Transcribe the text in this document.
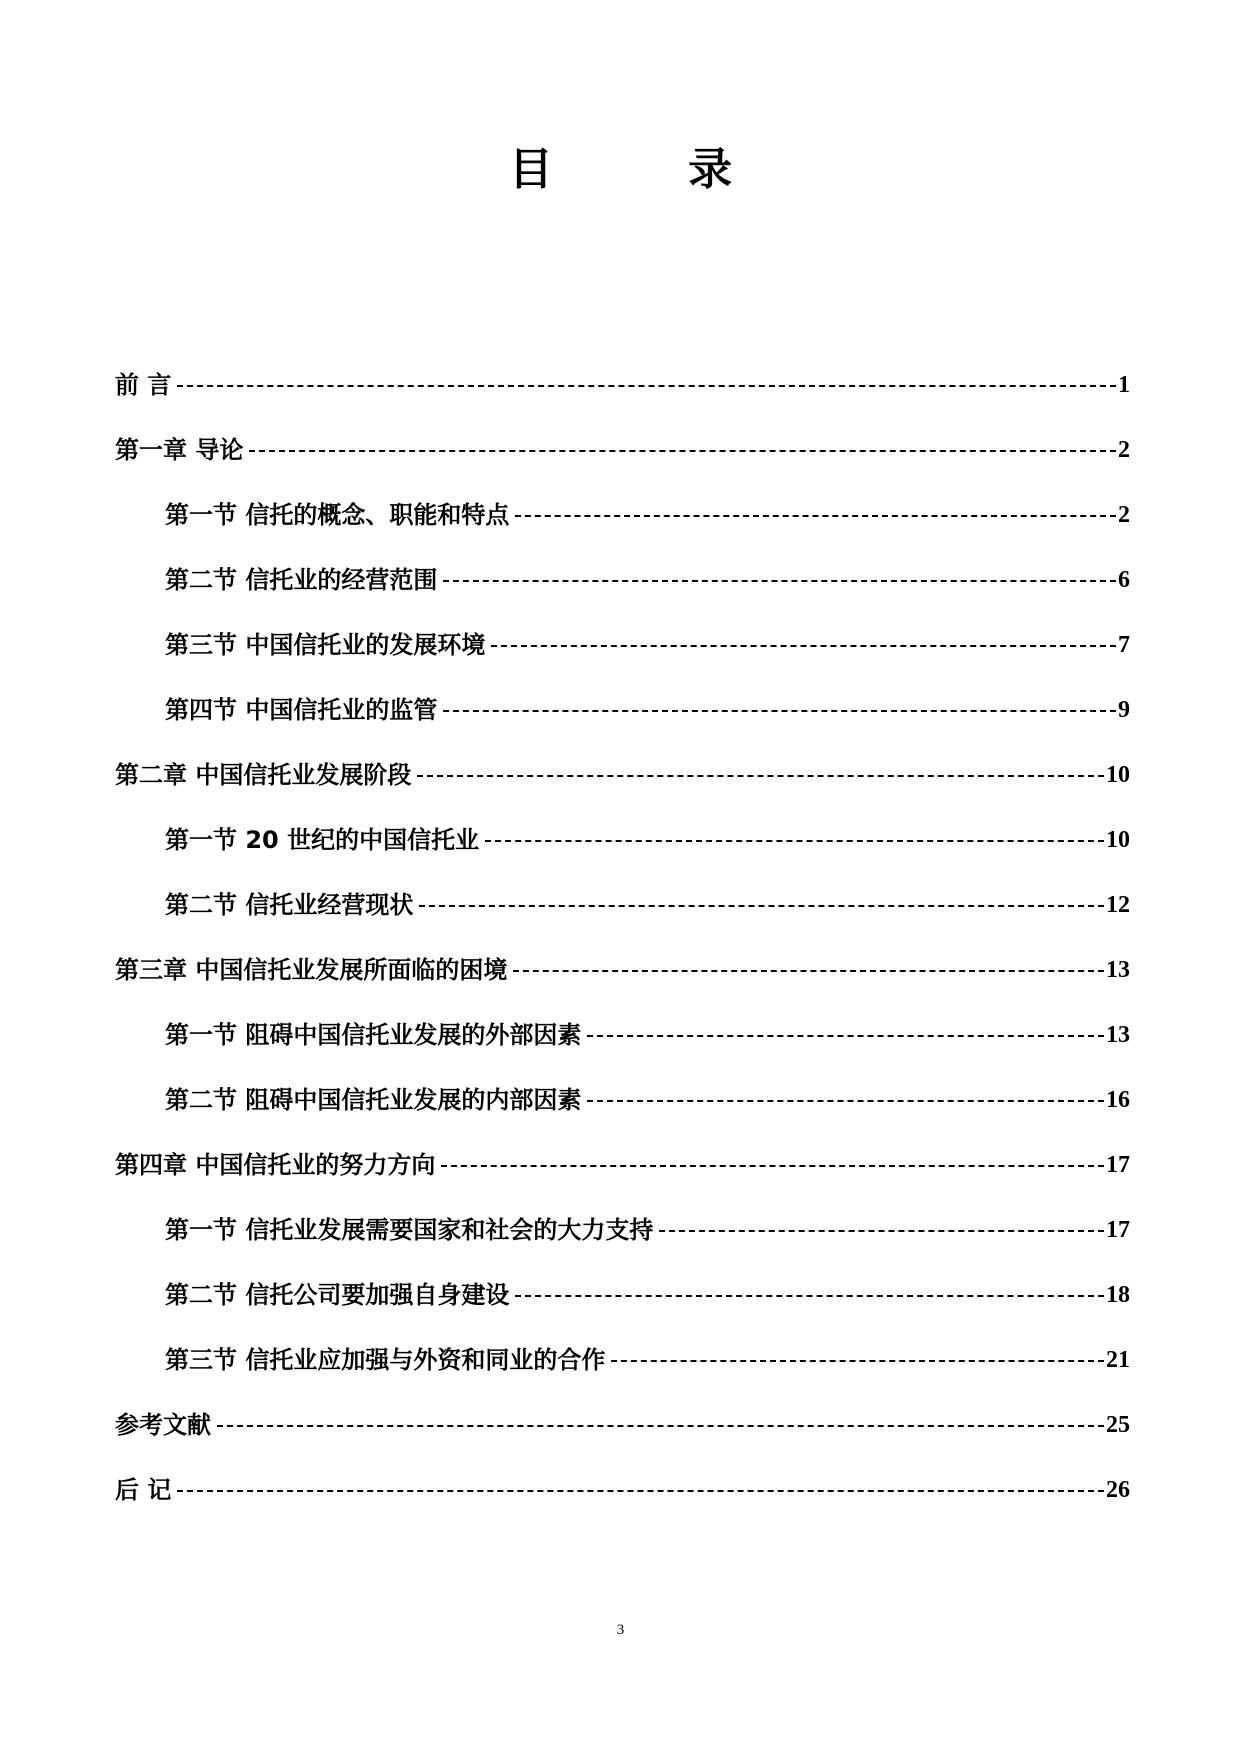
目 录
前 言	1
第一章 导论	2
第一节 信托的概念、职能和特点	2
第二节 信托业的经营范围	6
第三节 中国信托业的发展环境	7
第四节 中国信托业的监管	9
第二章 中国信托业发展阶段	10
第一节 20 世纪的中国信托业	10
第二节 信托业经营现状	12
第三章 中国信托业发展所面临的困境	13
第一节 阻碍中国信托业发展的外部因素	13
第二节 阻碍中国信托业发展的内部因素	16
第四章 中国信托业的努力方向	17
第一节 信托业发展需要国家和社会的大力支持	17
第二节 信托公司要加强自身建设	18
第三节 信托业应加强与外资和同业的合作	21
参考文献	25
后 记	26
3
